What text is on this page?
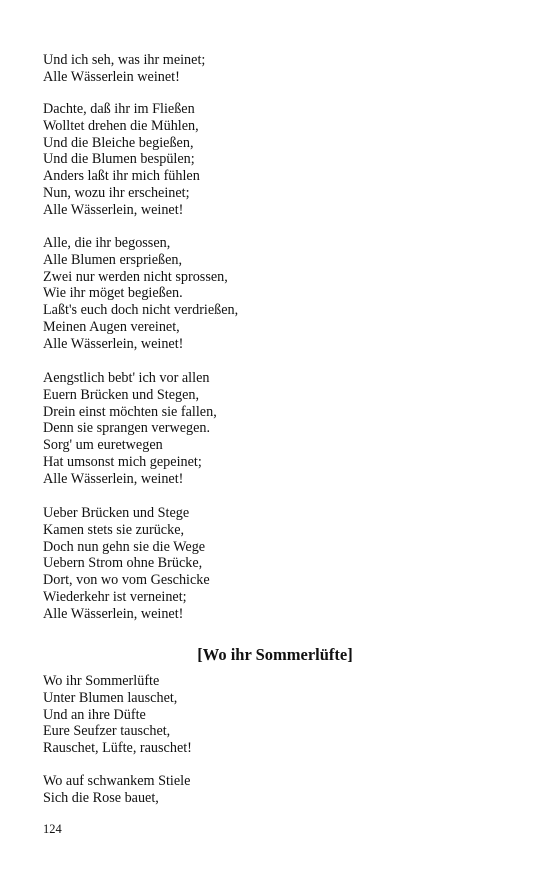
Und ich seh, was ihr meinet;
Alle Wässerlein weinet!
Dachte, daß ihr im Fließen
Wolltet drehen die Mühlen,
Und die Bleiche begießen,
Und die Blumen bespülen;
Anders laßt ihr mich fühlen
Nun, wozu ihr erscheinet;
Alle Wässerlein, weinet!
Alle, die ihr begossen,
Alle Blumen ersprießen,
Zwei nur werden nicht sprossen,
Wie ihr möget begießen.
Laßt's euch doch nicht verdrießen,
Meinen Augen vereinet,
Alle Wässerlein, weinet!
Aengstlich bebt' ich vor allen
Euern Brücken und Stegen,
Drein einst möchten sie fallen,
Denn sie sprangen verwegen.
Sorg' um euretwegen
Hat umsonst mich gepeinet;
Alle Wässerlein, weinet!
Ueber Brücken und Stege
Kamen stets sie zurücke,
Doch nun gehn sie die Wege
Uebern Strom ohne Brücke,
Dort, von wo vom Geschicke
Wiederkehr ist verneinet;
Alle Wässerlein, weinet!
[Wo ihr Sommerlüfte]
Wo ihr Sommerlüfte
Unter Blumen lauschet,
Und an ihre Düfte
Eure Seufzer tauschet,
Rauschet, Lüfte, rauschet!
Wo auf schwankem Stiele
Sich die Rose bauet,
124
